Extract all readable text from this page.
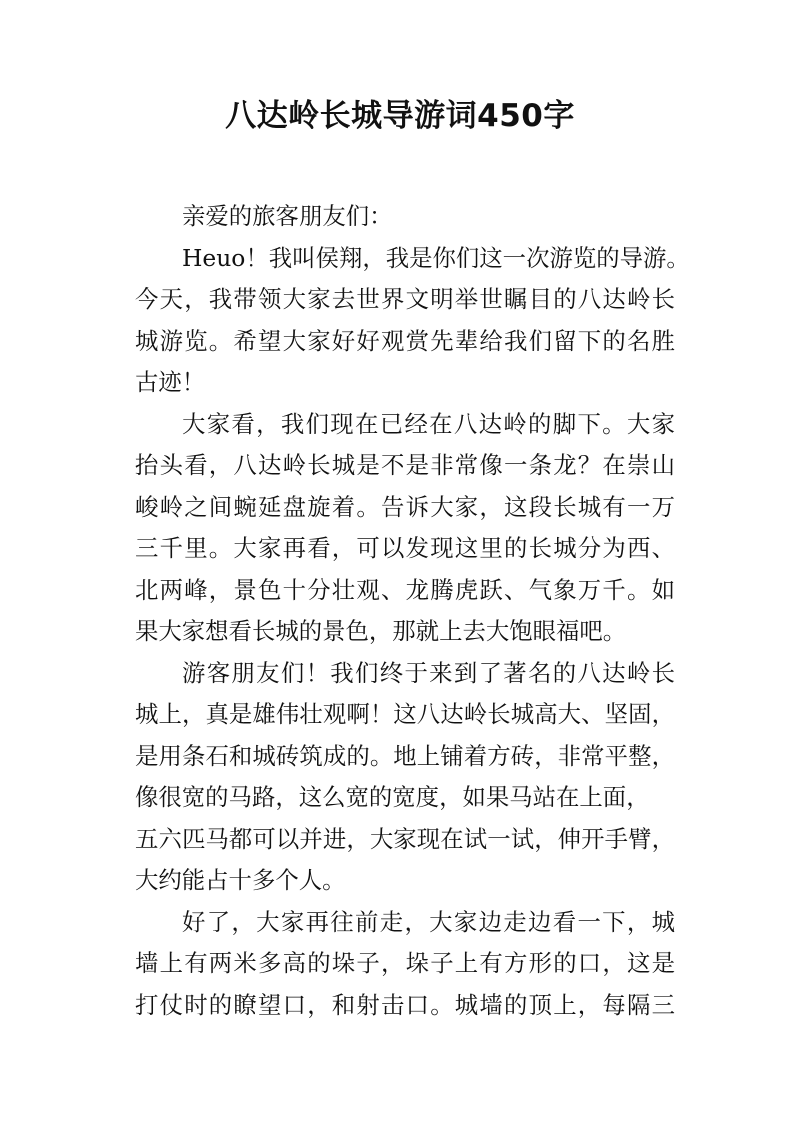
八达岭长城导游词450字
亲爱的旅客朋友们：
Heuo！我叫侯翔，我是你们这一次游览的导游。
今天，我带领大家去世界文明举世瞩目的八达岭长
城游览。希望大家好好观赏先辈给我们留下的名胜
古迹！
大家看，我们现在已经在八达岭的脚下。大家
抬头看，八达岭长城是不是非常像一条龙？在崇山
峻岭之间蜿延盘旋着。告诉大家，这段长城有一万
三千里。大家再看，可以发现这里的长城分为西、
北两峰，景色十分壮观、龙腾虎跃、气象万千。如
果大家想看长城的景色，那就上去大饱眼福吧。
游客朋友们！我们终于来到了著名的八达岭长
城上，真是雄伟壮观啊！这八达岭长城高大、坚固，
是用条石和城砖筑成的。地上铺着方砖，非常平整，
像很宽的马路，这么宽的宽度，如果马站在上面，
五六匹马都可以并进，大家现在试一试，伸开手臂，
大约能占十多个人。
好了，大家再往前走，大家边走边看一下，城
墙上有两米多高的垛子，垛子上有方形的口，这是
打仗时的瞭望口，和射击口。城墙的顶上，每隔三
